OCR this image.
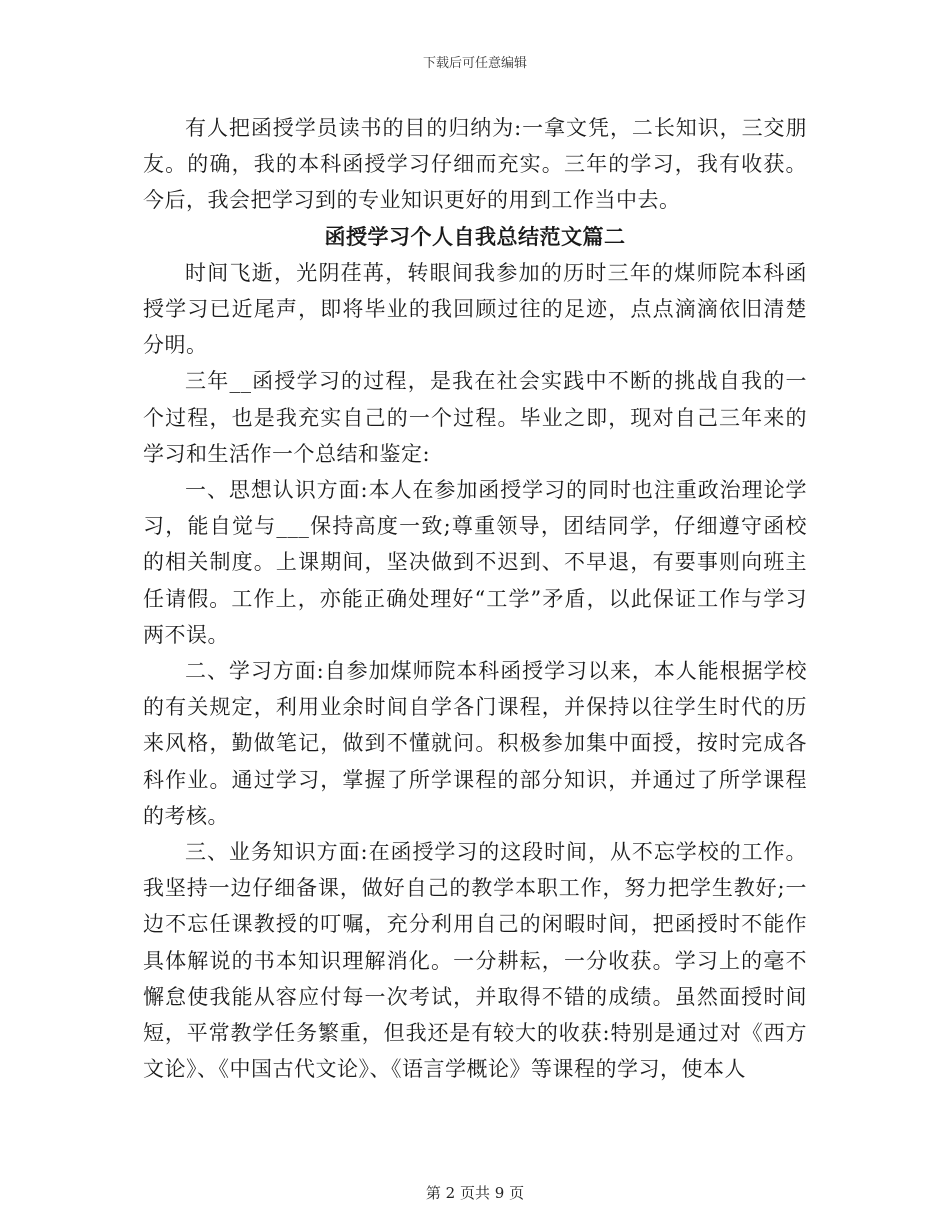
下载后可任意编辑

有人把函授学员读书的目的归纳为:一拿文凭，二长知识，三交朋友。的确，我的本科函授学习仔细而充实。三年的学习，我有收获。今后，我会把学习到的专业知识更好的用到工作当中去。

函授学习个人自我总结范文篇二

时间飞逝，光阴荏苒，转眼间我参加的历时三年的煤师院本科函授学习已近尾声，即将毕业的我回顾过往的足迹，点点滴滴依旧清楚分明。

三年__函授学习的过程，是我在社会实践中不断的挑战自我的一个过程，也是我充实自己的一个过程。毕业之即，现对自己三年来的学习和生活作一个总结和鉴定:

一、思想认识方面:本人在参加函授学习的同时也注重政治理论学习，能自觉与___保持高度一致;尊重领导，团结同学，仔细遵守函校的相关制度。上课期间，坚决做到不迟到、不早退，有要事则向班主任请假。工作上，亦能正确处理好“工学”矛盾，以此保证工作与学习两不误。

二、学习方面:自参加煤师院本科函授学习以来，本人能根据学校的有关规定，利用业余时间自学各门课程，并保持以往学生时代的历来风格，勤做笔记，做到不懂就问。积极参加集中面授，按时完成各科作业。通过学习，掌握了所学课程的部分知识，并通过了所学课程的考核。

三、业务知识方面:在函授学习的这段时间，从不忘学校的工作。我坚持一边仔细备课，做好自己的教学本职工作，努力把学生教好;一边不忘任课教授的叮嘱，充分利用自己的闲暇时间，把函授时不能作具体解说的书本知识理解消化。一分耕耘，一分收获。学习上的毫不懈怠使我能从容应付每一次考试，并取得不错的成绩。虽然面授时间短，平常教学任务繁重，但我还是有较大的收获:特别是通过对《西方文论》、《中国古代文论》、《语言学概论》等课程的学习，使本人

第 2 页共 9 页
